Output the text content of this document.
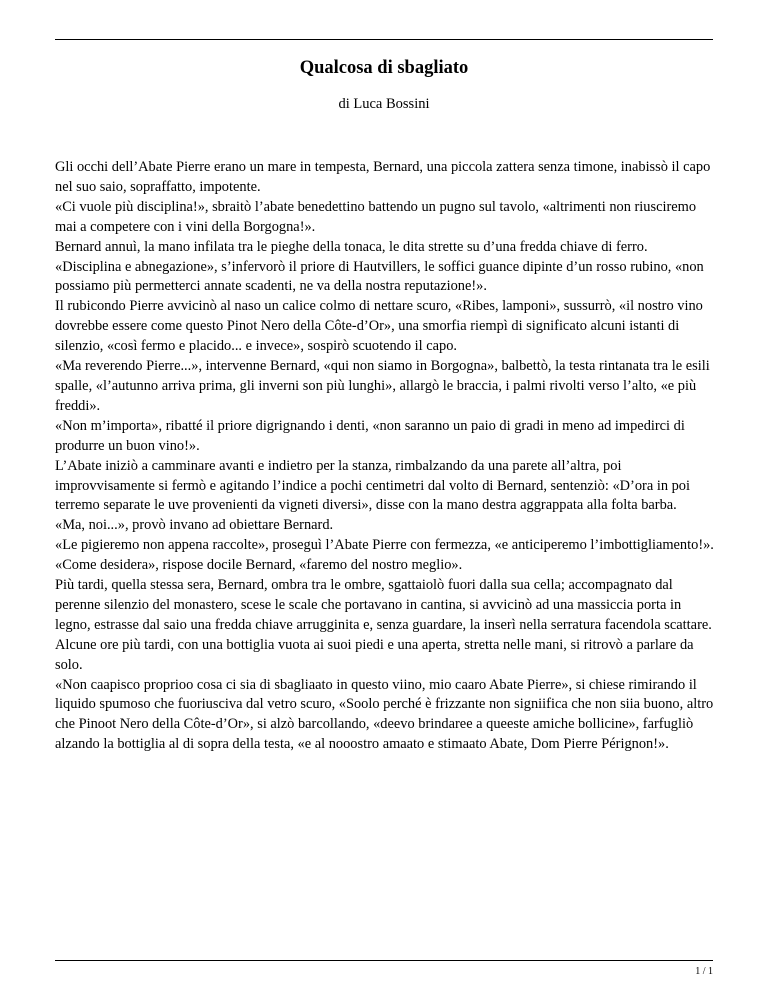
Qualcosa di sbagliato

di Luca Bossini

Gli occhi dell’Abate Pierre erano un mare in tempesta, Bernard, una piccola zattera senza timone, inabissò il capo nel suo saio, sopraffatto, impotente.

«Ci vuole più disciplina!», sbraitò l’abate benedettino battendo un pugno sul tavolo, «altrimenti non riusciremo mai a competere con i vini della Borgogna!».

Bernard annuì, la mano infilata tra le pieghe della tonaca, le dita strette su d’una fredda chiave di ferro.

«Disciplina e abnegazione», s’infervorò il priore di Hautvillers, le soffici guance dipinte d’un rosso rubino, «non possiamo più permetterci annate scadenti, ne va della nostra reputazione!».

Il rubicondo Pierre avvicinò al naso un calice colmo di nettare scuro, «Ribes, lamponi», sussurrò, «il nostro vino dovrebbe essere come questo Pinot Nero della Côte-d’Or», una smorfia riempì di significato alcuni istanti di silenzio, «così fermo e placido... e invece», sospirò scuotendo il capo.

«Ma reverendo Pierre...», intervenne Bernard, «qui non siamo in Borgogna», balbettò, la testa rintanata tra le esili spalle, «l’autunno arriva prima, gli inverni son più lunghi», allargò le braccia, i palmi rivolti verso l’alto, «e più freddi».

«Non m’importa», ribatté il priore digrignando i denti, «non saranno un paio di gradi in meno ad impedirci di produrre un buon vino!».

L’Abate iniziò a camminare avanti e indietro per la stanza, rimbalzando da una parete all’altra, poi improvvisamente si fermò e agitando l’indice a pochi centimetri dal volto di Bernard, sentenziò: «D’ora in poi terremo separate le uve provenienti da vigneti diversi», disse con la mano destra aggrappata alla folta barba.

«Ma, noi...», provò invano ad obiettare Bernard.

«Le pigieremo non appena raccolte», proseguì l’Abate Pierre con fermezza, «e anticiperemo l’imbottigliamento!».

«Come desidera», rispose docile Bernard, «faremo del nostro meglio».

Più tardi, quella stessa sera, Bernard, ombra tra le ombre, sgattaiolò fuori dalla sua cella; accompagnato dal perenne silenzio del monastero, scese le scale che portavano in cantina, si avvicinò ad una massiccia porta in legno, estrasse dal saio una fredda chiave arrugginita e, senza guardare, la inserì nella serratura facendola scattare.

Alcune ore più tardi, con una bottiglia vuota ai suoi piedi e una aperta, stretta nelle mani, si ritrovò a parlare da solo.

«Non caapisco proprioo cosa ci sia di sbagliaato in questo viino, mio caaro Abate Pierre», si chiese rimirando il liquido spumoso che fuoriusciva dal vetro scuro, «Soolo perché è frizzante non signiifica che non siia buono, altro che Pinoot Nero della Côte-d’Or», si alzò barcollando, «deevo brindaree a queeste amiche bollicine», farfugliò alzando la bottiglia al di sopra della testa, «e al nooostro amaato e stimaato Abate, Dom Pierre Pérignon!».

1 / 1
